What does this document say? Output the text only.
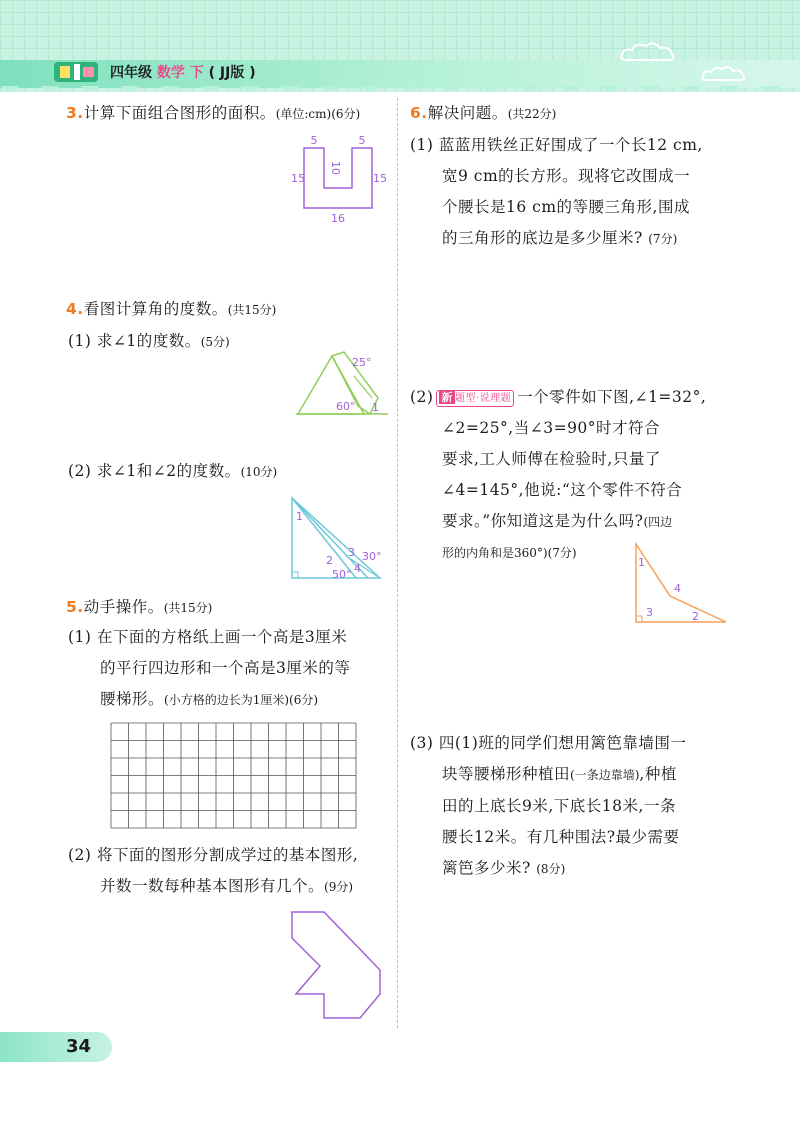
四年级 数学 下 ( JJ版 )
3.计算下面组合图形的面积。(单位:cm)(6分)
5	5
10
15	15
16
4.看图计算角的度数。(共15分)
(1) 求∠1的度数。(5分)
25°
60° 1
(2) 求∠1和∠2的度数。(10分)
1
2
3
4
30°
50°
5.动手操作。(共15分)
(1) 在下面的方格纸上画一个高是3厘米
的平行四边形和一个高是3厘米的等
腰梯形。(小方格的边长为1厘米)(6分)
(2) 将下面的图形分割成学过的基本图形,
并数一数每种基本图形有几个。(9分)
6.解决问题。(共22分)
(1) 蓝蓝用铁丝正好围成了一个长12 cm,
宽9 cm的长方形。现将它改围成一
个腰长是16 cm的等腰三角形,围成
的三角形的底边是多少厘米? (7分)
(2) 新 题型·说理题 一个零件如下图,∠1=32°,
∠2=25°,当∠3=90°时才符合
要求,工人师傅在检验时,只量了
∠4=145°,他说:“这个零件不符合
要求。”你知道这是为什么吗?(四边
形的内角和是360°)(7分)
1
4
3	2
(3) 四(1)班的同学们想用篱笆靠墙围一
块等腰梯形种植田(一条边靠墙),种植
田的上底长9米,下底长18米,一条
腰长12米。有几种围法?最少需要
篱笆多少米? (8分)
34
